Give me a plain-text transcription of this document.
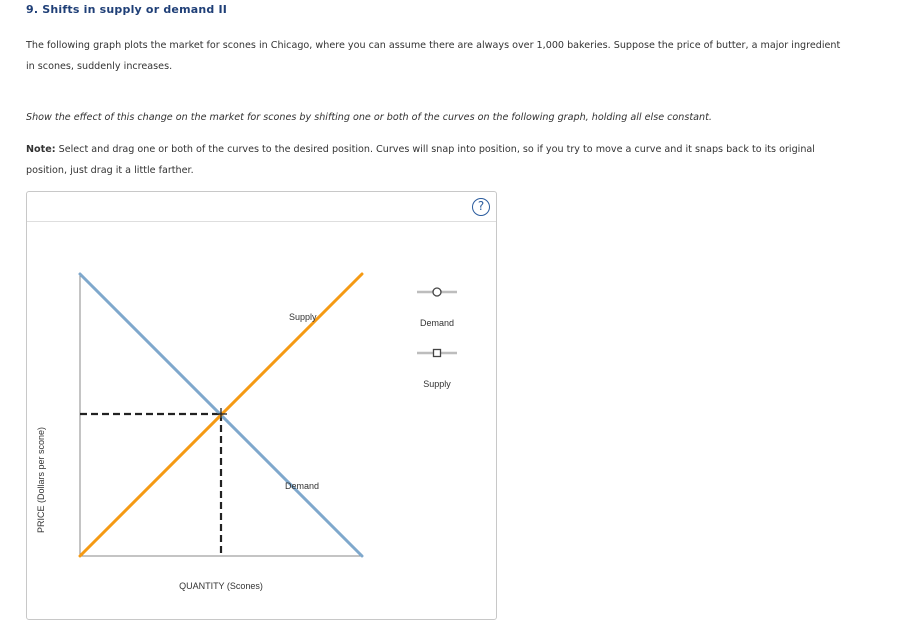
9. Shifts in supply or demand II
The following graph plots the market for scones in Chicago, where you can assume there are always over 1,000 bakeries. Suppose the price of butter, a major ingredient in scones, suddenly increases.
Show the effect of this change on the market for scones by shifting one or both of the curves on the following graph, holding all else constant.
Note: Select and drag one or both of the curves to the desired position. Curves will snap into position, so if you try to move a curve and it snaps back to its original position, just drag it a little farther.
?
PRICE (Dollars per scone)
Supply
Demand
QUANTITY (Scones)
Demand
Supply
